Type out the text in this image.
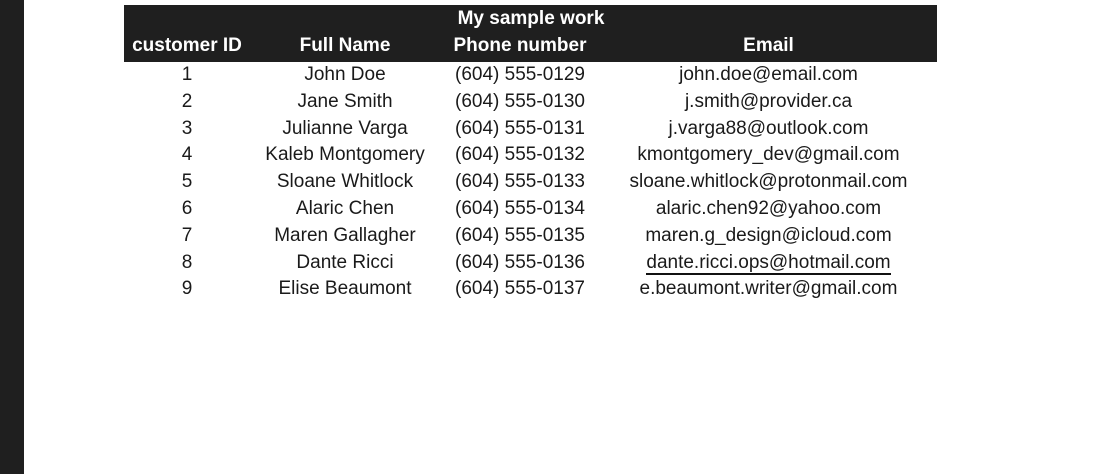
My sample work
customer ID	Full Name	Phone number	Email
1	John Doe	(604) 555-0129	john.doe@email.com
2	Jane Smith	(604) 555-0130	j.smith@provider.ca
3	Julianne Varga	(604) 555-0131	j.varga88@outlook.com
4	Kaleb Montgomery	(604) 555-0132	kmontgomery_dev@gmail.com
5	Sloane Whitlock	(604) 555-0133	sloane.whitlock@protonmail.com
6	Alaric Chen	(604) 555-0134	alaric.chen92@yahoo.com
7	Maren Gallagher	(604) 555-0135	maren.g_design@icloud.com
8	Dante Ricci	(604) 555-0136	dante.ricci.ops@hotmail.com
9	Elise Beaumont	(604) 555-0137	e.beaumont.writer@gmail.com
